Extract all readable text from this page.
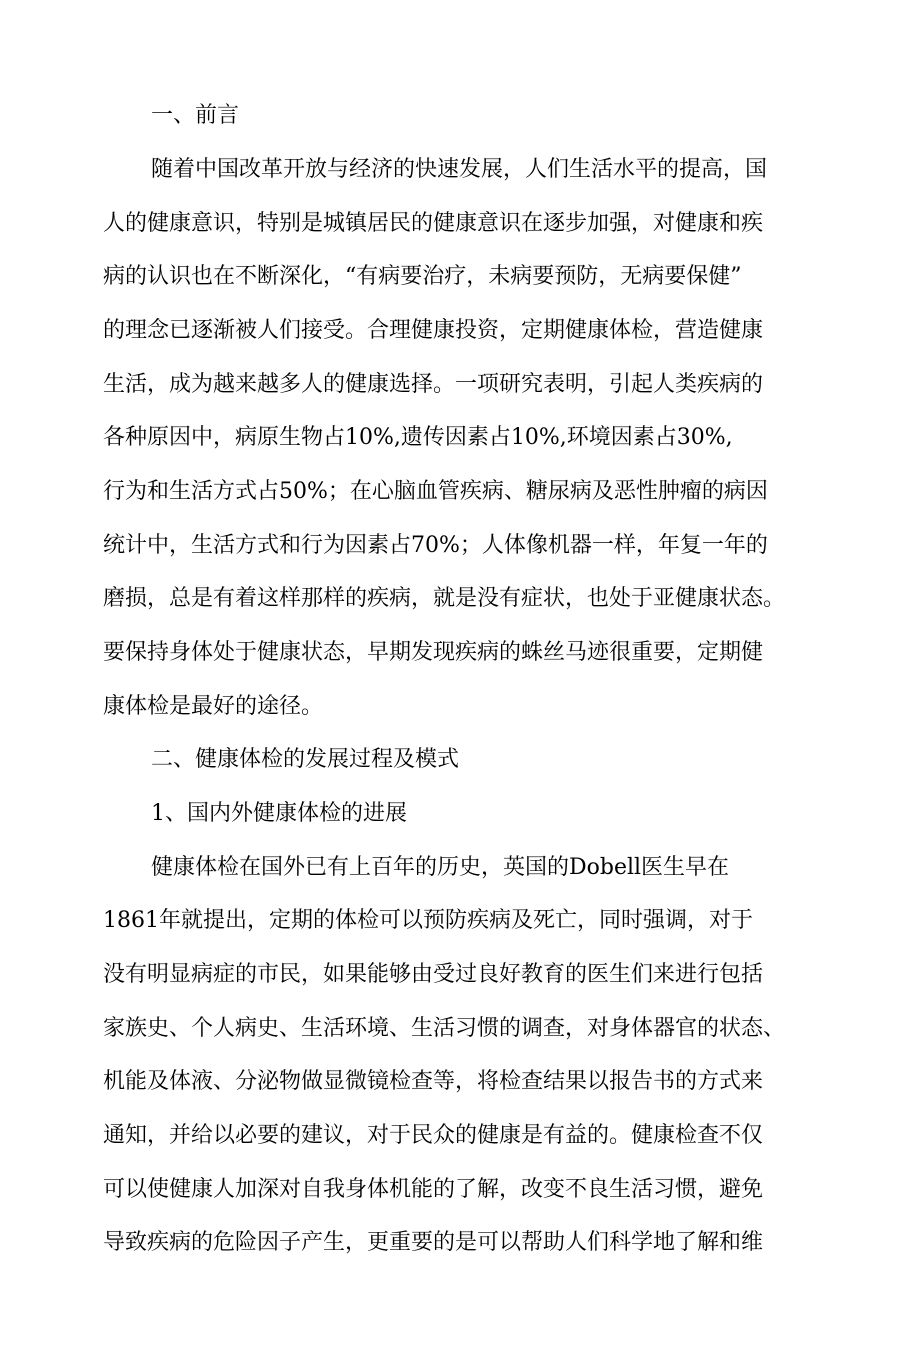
一、前言
随着中国改革开放与经济的快速发展，人们生活水平的提高，国
人的健康意识，特别是城镇居民的健康意识在逐步加强，对健康和疾
病的认识也在不断深化，“有病要治疗，未病要预防，无病要保健”
的理念已逐渐被人们接受。合理健康投资，定期健康体检，营造健康
生活，成为越来越多人的健康选择。一项研究表明，引起人类疾病的
各种原因中，病原生物占10%,遗传因素占10%,环境因素占30%,
行为和生活方式占50%；在心脑血管疾病、糖尿病及恶性肿瘤的病因
统计中，生活方式和行为因素占70%；人体像机器一样，年复一年的
磨损，总是有着这样那样的疾病，就是没有症状，也处于亚健康状态。
要保持身体处于健康状态，早期发现疾病的蛛丝马迹很重要，定期健
康体检是最好的途径。
二、健康体检的发展过程及模式
1、国内外健康体检的进展
健康体检在国外已有上百年的历史，英国的Dobell医生早在
1861年就提出，定期的体检可以预防疾病及死亡，同时强调，对于
没有明显病症的市民，如果能够由受过良好教育的医生们来进行包括
家族史、个人病史、生活环境、生活习惯的调查，对身体器官的状态、
机能及体液、分泌物做显微镜检查等，将检查结果以报告书的方式来
通知，并给以必要的建议，对于民众的健康是有益的。健康检查不仅
可以使健康人加深对自我身体机能的了解，改变不良生活习惯，避免
导致疾病的危险因子产生，更重要的是可以帮助人们科学地了解和维
